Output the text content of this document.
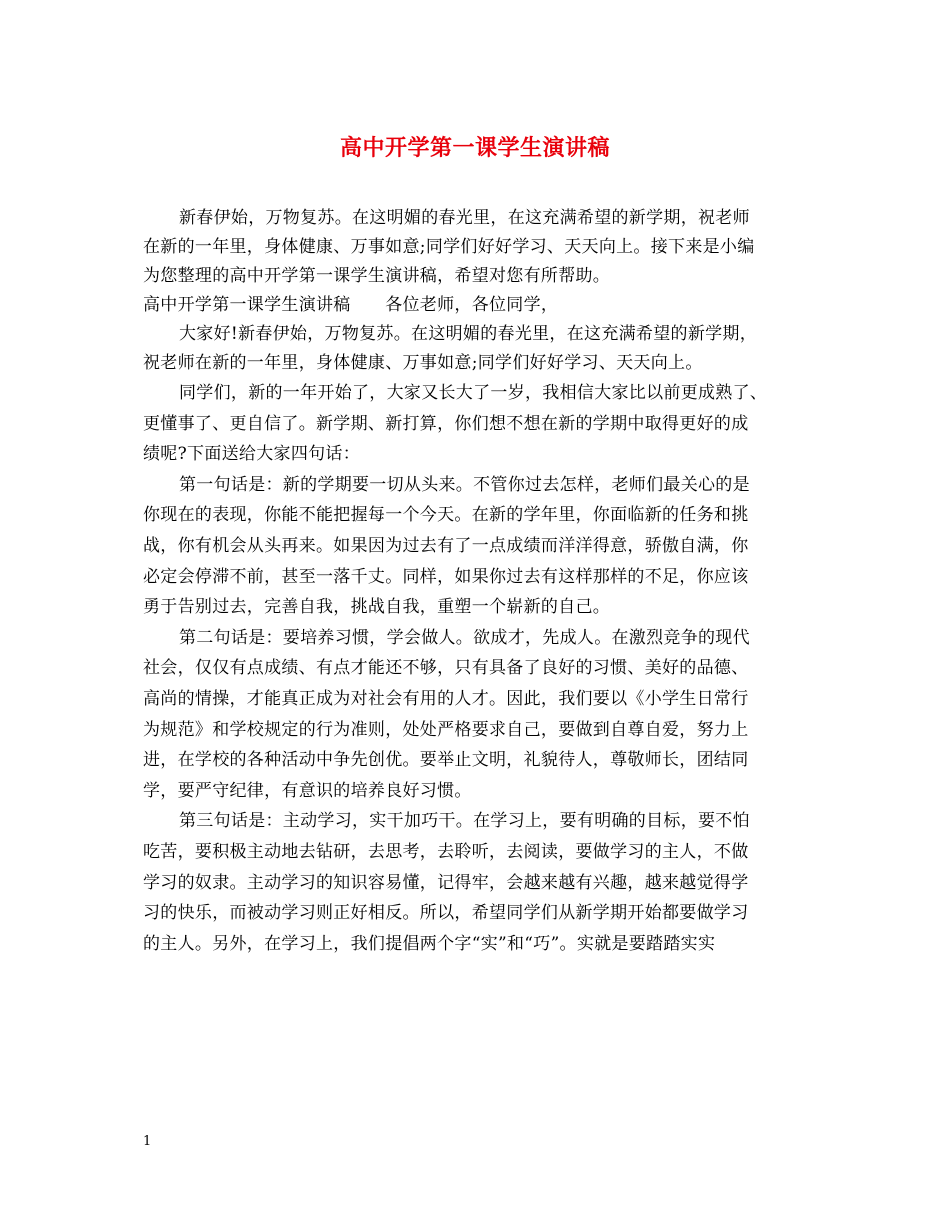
高中开学第一课学生演讲稿
新春伊始，万物复苏。在这明媚的春光里，在这充满希望的新学期，祝老师
在新的一年里，身体健康、万事如意;同学们好好学习、天天向上。接下来是小编
为您整理的高中开学第一课学生演讲稿，希望对您有所帮助。
高中开学第一课学生演讲稿　　各位老师，各位同学，
大家好!新春伊始，万物复苏。在这明媚的春光里，在这充满希望的新学期，
祝老师在新的一年里，身体健康、万事如意;同学们好好学习、天天向上。
同学们，新的一年开始了，大家又长大了一岁，我相信大家比以前更成熟了、
更懂事了、更自信了。新学期、新打算，你们想不想在新的学期中取得更好的成
绩呢?下面送给大家四句话：
第一句话是：新的学期要一切从头来。不管你过去怎样，老师们最关心的是
你现在的表现，你能不能把握每一个今天。在新的学年里，你面临新的任务和挑
战，你有机会从头再来。如果因为过去有了一点成绩而洋洋得意，骄傲自满，你
必定会停滞不前，甚至一落千丈。同样，如果你过去有这样那样的不足，你应该
勇于告别过去，完善自我，挑战自我，重塑一个崭新的自己。
第二句话是：要培养习惯，学会做人。欲成才，先成人。在激烈竞争的现代
社会，仅仅有点成绩、有点才能还不够，只有具备了良好的习惯、美好的品德、
高尚的情操，才能真正成为对社会有用的人才。因此，我们要以《小学生日常行
为规范》和学校规定的行为准则，处处严格要求自己，要做到自尊自爱，努力上
进，在学校的各种活动中争先创优。要举止文明，礼貌待人，尊敬师长，团结同
学，要严守纪律，有意识的培养良好习惯。
第三句话是：主动学习，实干加巧干。在学习上，要有明确的目标，要不怕
吃苦，要积极主动地去钻研，去思考，去聆听，去阅读，要做学习的主人，不做
学习的奴隶。主动学习的知识容易懂，记得牢，会越来越有兴趣，越来越觉得学
习的快乐，而被动学习则正好相反。所以，希望同学们从新学期开始都要做学习
的主人。另外，在学习上，我们提倡两个字“实”和“巧”。实就是要踏踏实实
1
